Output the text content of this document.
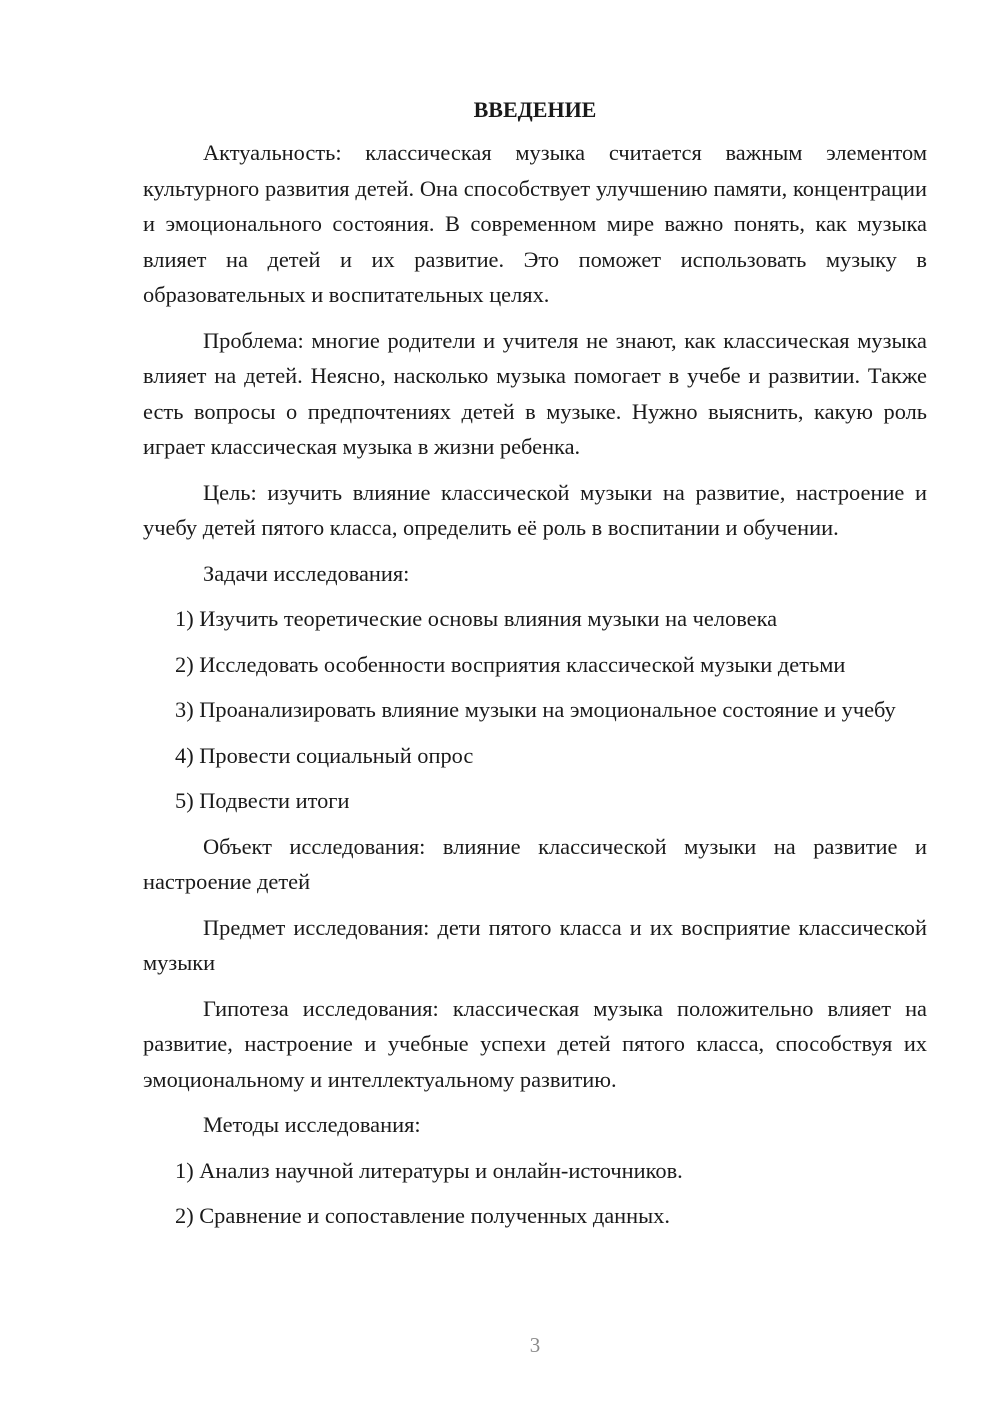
ВВЕДЕНИЕ

Актуальность: классическая музыка считается важным элементом культурного развития детей. Она способствует улучшению памяти, концентрации и эмоционального состояния. В современном мире важно понять, как музыка влияет на детей и их развитие. Это поможет использовать музыку в образовательных и воспитательных целях.

Проблема: многие родители и учителя не знают, как классическая музыка влияет на детей. Неясно, насколько музыка помогает в учебе и развитии. Также есть вопросы о предпочтениях детей в музыке. Нужно выяснить, какую роль играет классическая музыка в жизни ребенка.

Цель: изучить влияние классической музыки на развитие, настроение и учебу детей пятого класса, определить её роль в воспитании и обучении.

Задачи исследования:
1) Изучить теоретические основы влияния музыки на человека
2) Исследовать особенности восприятия классической музыки детьми

3) Проанализировать влияние музыки на эмоциональное состояние и учебу

4) Провести социальный опрос
5) Подвести итоги

Объект исследования: влияние классической музыки на развитие и настроение детей

Предмет исследования: дети пятого класса и их восприятие классической музыки

Гипотеза исследования: классическая музыка положительно влияет на развитие, настроение и учебные успехи детей пятого класса, способствуя их эмоциональному и интеллектуальному развитию.

Методы исследования:
1) Анализ научной литературы и онлайн-источников.
2) Сравнение и сопоставление полученных данных.
3
